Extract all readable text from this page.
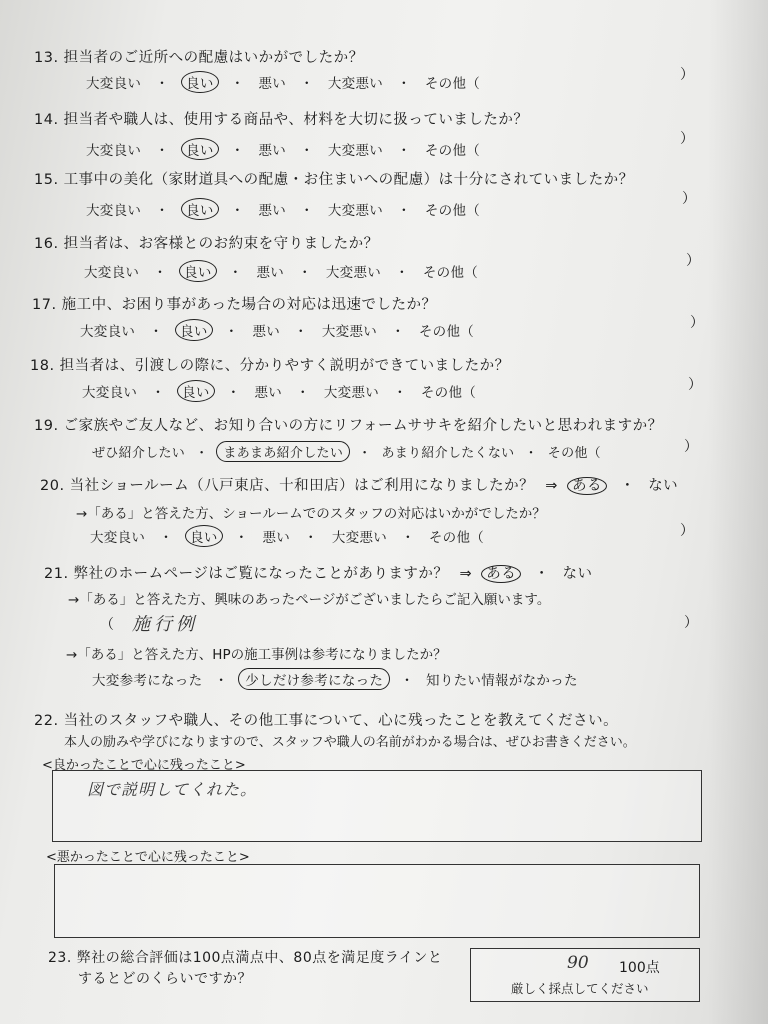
13. 担当者のご近所への配慮はいかがでしたか？
大変良い ・ 良い ・ 悪い ・ 大変悪い ・ その他（
）
14. 担当者や職人は、使用する商品や、材料を大切に扱っていましたか？
大変良い ・ 良い ・ 悪い ・ 大変悪い ・ その他（
）
15. 工事中の美化（家財道具への配慮・お住まいへの配慮）は十分にされていましたか？
大変良い ・ 良い ・ 悪い ・ 大変悪い ・ その他（
）
16. 担当者は、お客様とのお約束を守りましたか？
大変良い ・ 良い ・ 悪い ・ 大変悪い ・ その他（
）
17. 施工中、お困り事があった場合の対応は迅速でしたか？
大変良い ・ 良い ・ 悪い ・ 大変悪い ・ その他（
）
18. 担当者は、引渡しの際に、分かりやすく説明ができていましたか？
大変良い ・ 良い ・ 悪い ・ 大変悪い ・ その他（	）
19. ご家族やご友人など、お知り合いの方にリフォームササキを紹介したいと思われますか？
ぜひ紹介したい ・ まあまあ紹介したい ・ あまり紹介したくない ・ その他（	）
20. 当社ショールーム（八戸東店、十和田店）はご利用になりましたか？ ⇒ ある ・ ない
→「ある」と答えた方、ショールームでのスタッフの対応はいかがでしたか？
大変良い ・ 良い ・ 悪い ・ 大変悪い ・ その他（	）
21. 弊社のホームページはご覧になったことがありますか？ ⇒ ある ・ ない
→「ある」と答えた方、興味のあったページがございましたらご記入願います。
（ 施行例	）
→「ある」と答えた方、HPの施工事例は参考になりましたか？
大変参考になった ・ 少しだけ参考になった ・ 知りたい情報がなかった
22. 当社のスタッフや職人、その他工事について、心に残ったことを教えてください。
本人の励みや学びになりますので、スタッフや職人の名前がわかる場合は、ぜひお書きください。
<良かったことで心に残ったこと>
図で説明してくれた。
<悪かったことで心に残ったこと>
23. 弊社の総合評価は100点満点中、80点を満足度ラインと
するとどのくらいですか？
90 100点
厳しく採点してください
